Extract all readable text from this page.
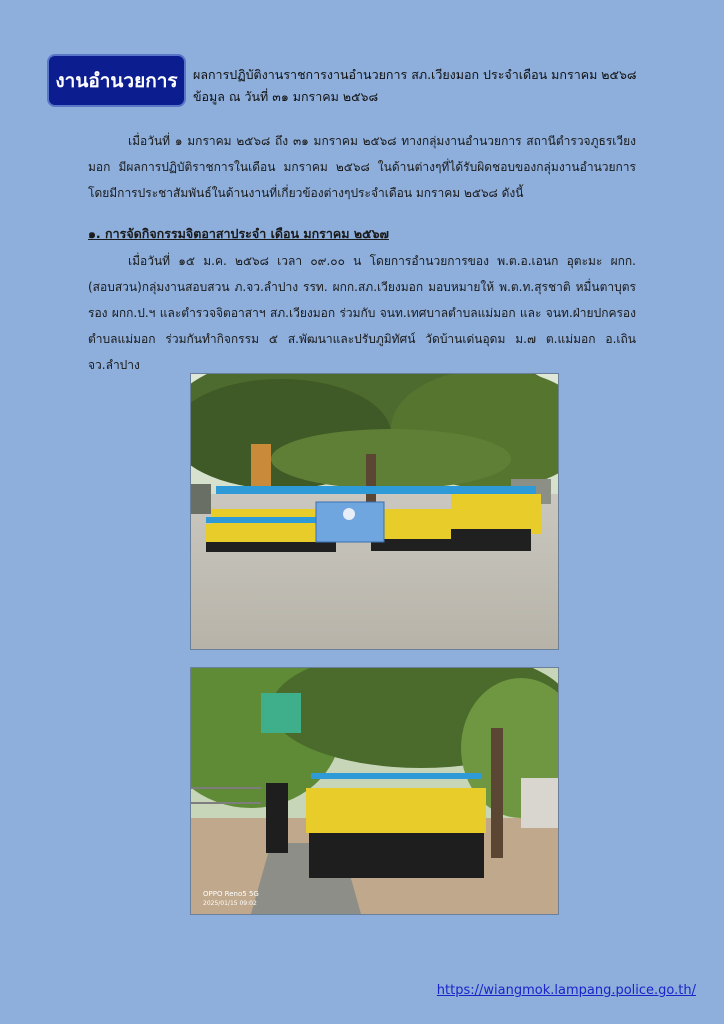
งานอำนวยการ	ผลการปฏิบัติงานราชการงานอำนวยการ สภ.เวียงมอก ประจำเดือน มกราคม ๒๕๖๘
ข้อมูล ณ วันที่ ๓๑ มกราคม ๒๕๖๘
เมื่อวันที่ ๑ มกราคม ๒๕๖๘ ถึง ๓๑ มกราคม ๒๕๖๘ ทางกลุ่มงานอำนวยการ สถานีตำรวจภูธรเวียงมอก มีผลการปฏิบัติราชการในเดือน มกราคม ๒๕๖๘ ในด้านต่างๆที่ได้รับผิดชอบของกลุ่มงานอำนวยการ โดยมีการประชาสัมพันธ์ในด้านงานที่เกี่ยวข้องต่างๆประจำเดือน มกราคม ๒๕๖๘ ดังนี้
๑. การจัดกิจกรรมจิตอาสาประจำ เดือน มกราคม ๒๕๖๗
เมื่อวันที่ ๑๕ ม.ค. ๒๕๖๘ เวลา ๐๙.๐๐ น โดยการอำนวยการของ พ.ต.อ.เอนก อุตะมะ ผกก.(สอบสวน)กลุ่มงานสอบสวน ภ.จว.ลำปาง รรท. ผกก.สภ.เวียงมอก มอบหมายให้ พ.ต.ท.สุรชาติ หมื่นตาบุตร รอง ผกก.ป.ฯ และตำรวจจิตอาสาฯ สภ.เวียงมอก ร่วมกับ จนท.เทศบาลตำบลแม่มอก และ จนท.ฝ่ายปกครองตำบลแม่มอก ร่วมกันทำกิจกรรม ๕ ส.พัฒนาและปรับภูมิทัศน์ วัดบ้านเด่นอุดม ม.๗ ต.แม่มอก อ.เถินจว.ลำปาง
OPPO Reno5 5G
2025/01/15 09:02
https://wiangmok.lampang.police.go.th/
